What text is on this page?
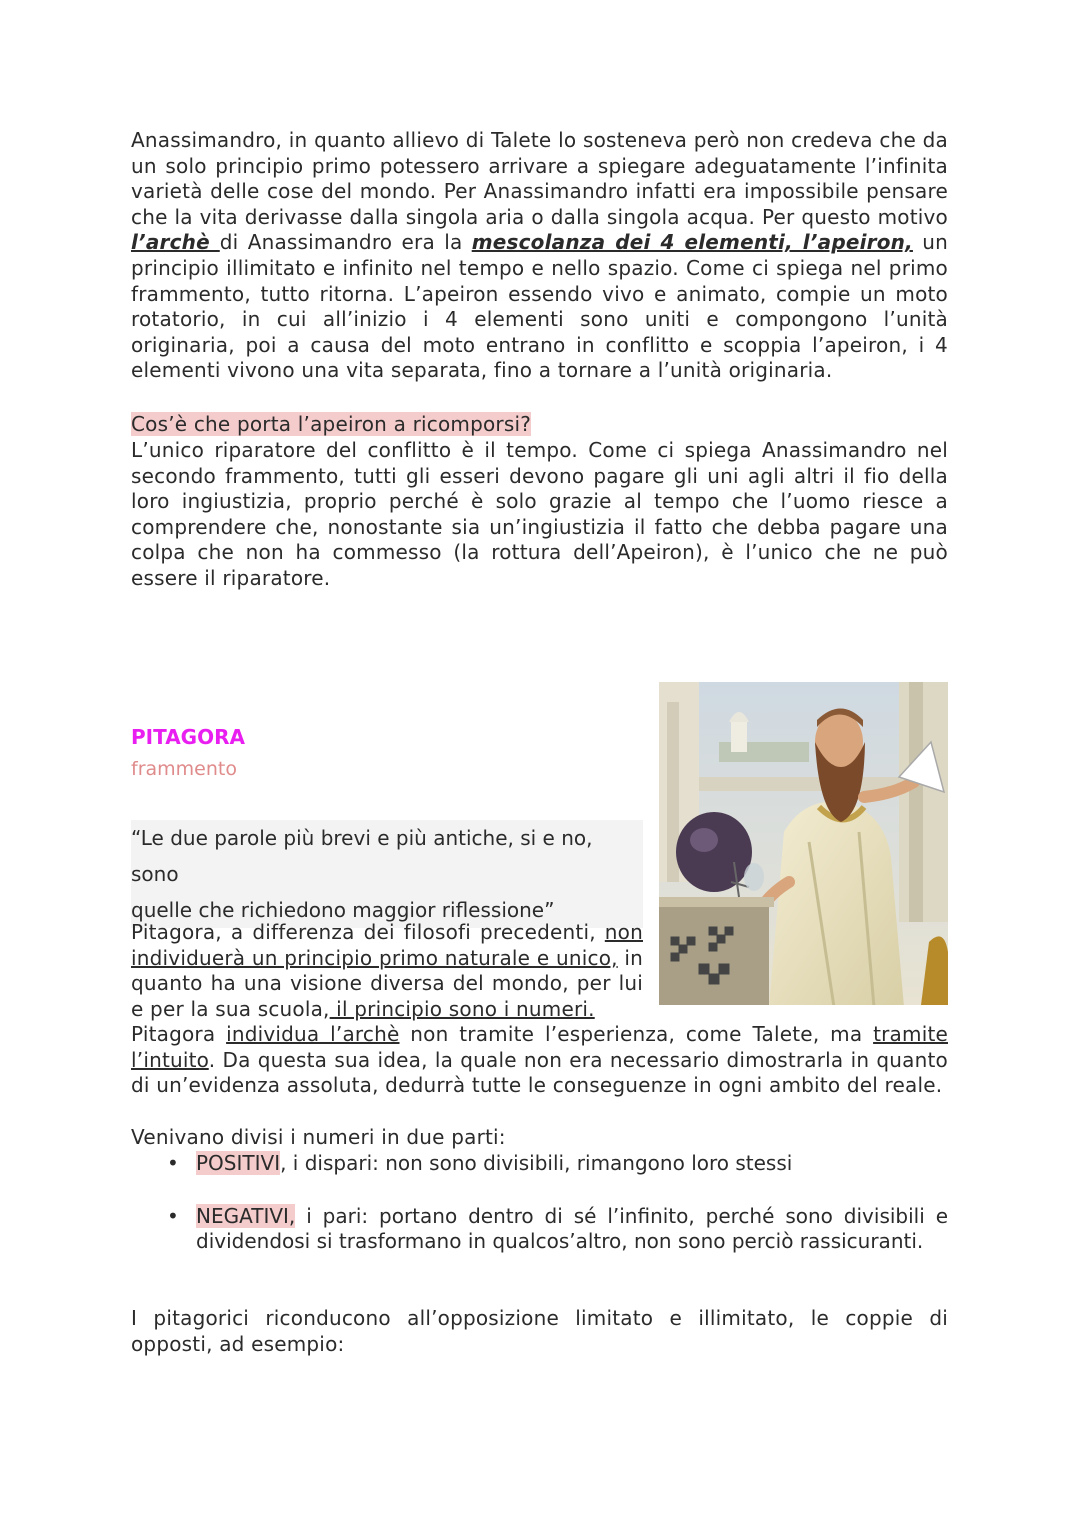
Anassimandro, in quanto allievo di Talete lo sosteneva però non credeva che da un solo principio primo potessero arrivare a spiegare adeguatamente l’infinita varietà delle cose del mondo. Per Anassimandro infatti era impossibile pensare che la vita derivasse dalla singola aria o dalla singola acqua. Per questo motivo l’archè di Anassimandro era la mescolanza dei 4 elementi, l’apeiron, un principio illimitato e infinito nel tempo e nello spazio. Come ci spiega nel primo frammento, tutto ritorna. L’apeiron essendo vivo e animato, compie un moto rotatorio, in cui all’inizio i 4 elementi sono uniti e compongono l’unità originaria, poi a causa del moto entrano in conflitto e scoppia l’apeiron, i 4 elementi vivono una vita separata, fino a tornare a l’unità originaria.
Cos’è che porta l’apeiron a ricomporsi?
L’unico riparatore del conflitto è il tempo. Come ci spiega Anassimandro nel secondo frammento, tutti gli esseri devono pagare gli uni agli altri il fio della loro ingiustizia, proprio perché è solo grazie al tempo che l’uomo riesce a comprendere che, nonostante sia un’ingiustizia il fatto che debba pagare una colpa che non ha commesso (la rottura dell’Apeiron), è l’unico che ne può essere il riparatore.
PITAGORA
frammento
“Le due parole più brevi e più antiche, si e no, sono
quelle che richiedono maggior riflessione”
Pitagora, a differenza dei filosofi precedenti, non individuerà un principio primo naturale e unico, in quanto ha una visione diversa del mondo, per lui e per la sua scuola, il principio sono i numeri.
Pitagora individua l’archè non tramite l’esperienza, come Talete, ma tramite l’intuito. Da questa sua idea, la quale non era necessario dimostrarla in quanto di un’evidenza assoluta, dedurrà tutte le conseguenze in ogni ambito del reale.
Venivano divisi i numeri in due parti:
• POSITIVI, i dispari: non sono divisibili, rimangono loro stessi
• NEGATIVI, i pari: portano dentro di sé l’infinito, perché sono divisibili e dividendosi si trasformano in qualcos’altro, non sono perciò rassicuranti.
I pitagorici riconducono all’opposizione limitato e illimitato, le coppie di opposti, ad esempio:
